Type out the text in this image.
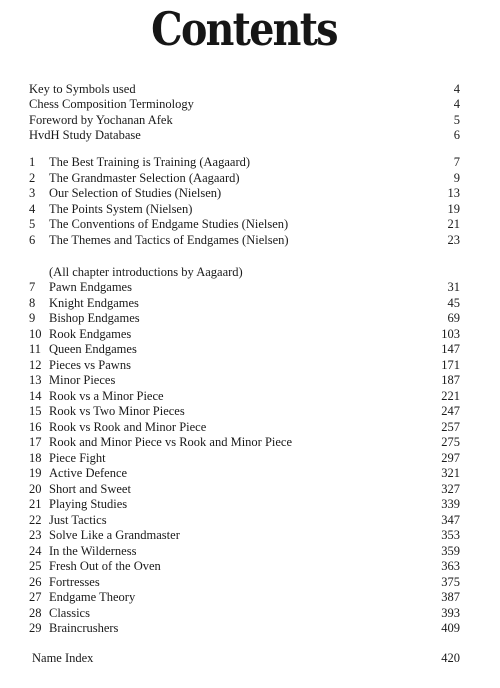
Contents
Key to Symbols used	4
Chess Composition Terminology	4
Foreword by Yochanan Afek	5
HvdH Study Database	6
1 The Best Training is Training (Aagaard)	7
2 The Grandmaster Selection (Aagaard)	9
3 Our Selection of Studies (Nielsen)	13
4 The Points System (Nielsen)	19
5 The Conventions of Endgame Studies (Nielsen)	21
6 The Themes and Tactics of Endgames (Nielsen)	23
(All chapter introductions by Aagaard)
7 Pawn Endgames	31
8 Knight Endgames	45
9 Bishop Endgames	69
10 Rook Endgames	103
11 Queen Endgames	147
12 Pieces vs Pawns	171
13 Minor Pieces	187
14 Rook vs a Minor Piece	221
15 Rook vs Two Minor Pieces	247
16 Rook vs Rook and Minor Piece	257
17 Rook and Minor Piece vs Rook and Minor Piece	275
18 Piece Fight	297
19 Active Defence	321
20 Short and Sweet	327
21 Playing Studies	339
22 Just Tactics	347
23 Solve Like a Grandmaster	353
24 In the Wilderness	359
25 Fresh Out of the Oven	363
26 Fortresses	375
27 Endgame Theory	387
28 Classics	393
29 Braincrushers	409
Name Index	420
